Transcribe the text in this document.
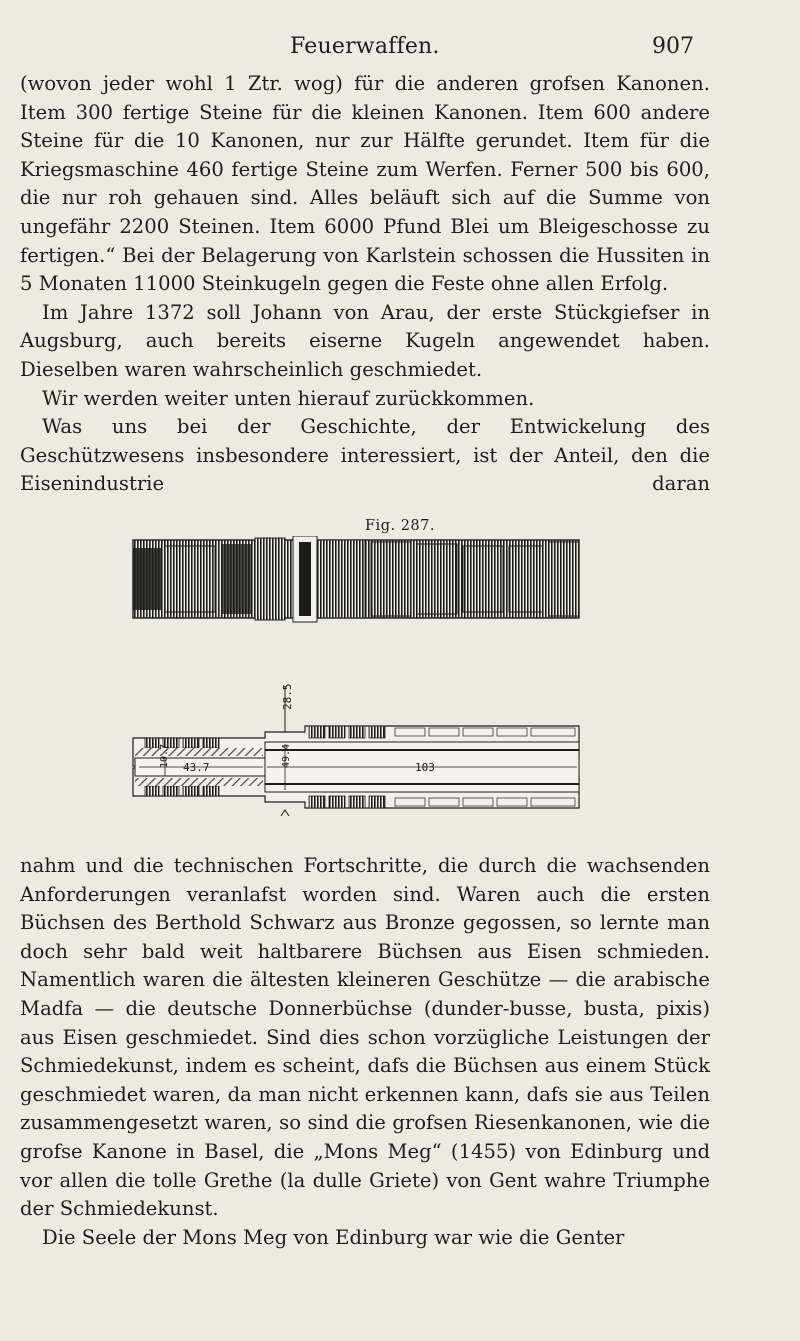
Feuerwaffen.	907

(wovon jeder wohl 1 Ztr. wog) für die anderen grofsen Kanonen. Item 300 fertige Steine für die kleinen Kanonen. Item 600 andere Steine für die 10 Kanonen, nur zur Hälfte gerundet. Item für die Kriegsmaschine 460 fertige Steine zum Werfen. Ferner 500 bis 600, die nur roh gehauen sind. Alles beläuft sich auf die Summe von ungefähr 2200 Steinen. Item 6000 Pfund Blei um Bleigeschosse zu fertigen.“ Bei der Belagerung von Karlstein schossen die Hussiten in 5 Monaten 11000 Steinkugeln gegen die Feste ohne allen Erfolg.

Im Jahre 1372 soll Johann von Arau, der erste Stückgiefser in Augsburg, auch bereits eiserne Kugeln angewendet haben. Dieselben waren wahrscheinlich geschmiedet.

Wir werden weiter unten hierauf zurückkommen.

Was uns bei der Geschichte, der Entwickelung des Geschützwesens insbesondere interessiert, ist der Anteil, den die Eisenindustrie daran

Fig. 287.
28.5
10.7 43.7	49.4	103

nahm und die technischen Fortschritte, die durch die wachsenden Anforderungen veranlafst worden sind. Waren auch die ersten Büchsen des Berthold Schwarz aus Bronze gegossen, so lernte man doch sehr bald weit haltbarere Büchsen aus Eisen schmieden. Namentlich waren die ältesten kleineren Geschütze — die arabische Madfa — die deutsche Donnerbüchse (dunder-busse, busta, pixis) aus Eisen geschmiedet. Sind dies schon vorzügliche Leistungen der Schmiedekunst, indem es scheint, dafs die Büchsen aus einem Stück geschmiedet waren, da man nicht erkennen kann, dafs sie aus Teilen zusammengesetzt waren, so sind die grofsen Riesenkanonen, wie die grofse Kanone in Basel, die „Mons Meg“ (1455) von Edinburg und vor allen die tolle Grethe (la dulle Griete) von Gent wahre Triumphe der Schmiedekunst.

Die Seele der Mons Meg von Edinburg war wie die Genter
